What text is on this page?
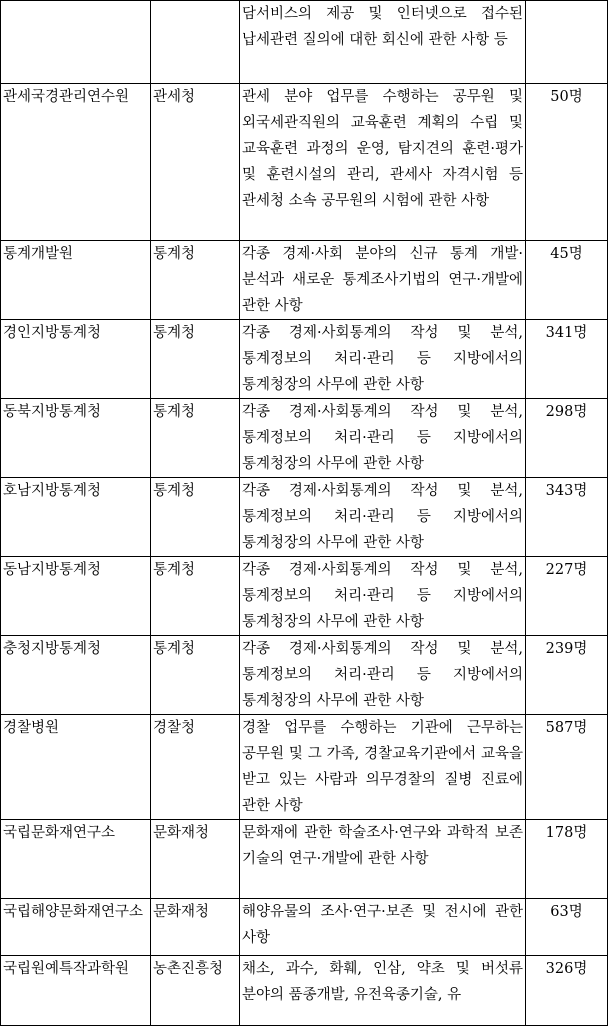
		담서비스의 제공 및 인터넷으로 접수된 납세관련 질의에 대한 회신에 관한 사항 등	
관세국경관리연수원	관세청	관세 분야 업무를 수행하는 공무원 및 외국세관직원의 교육훈련 계획의 수립 및 교육훈련 과정의 운영, 탐지견의 훈련·평가 및 훈련시설의 관리, 관세사 자격시험 등 관세청 소속 공무원의 시험에 관한 사항	50명
통계개발원	통계청	각종 경제·사회 분야의 신규 통계 개발·분석과 새로운 통계조사기법의 연구·개발에 관한 사항	45명
경인지방통계청	통계청	각종 경제·사회통계의 작성 및 분석, 통계정보의 처리·관리 등 지방에서의 통계청장의 사무에 관한 사항	341명
동북지방통계청	통계청	각종 경제·사회통계의 작성 및 분석, 통계정보의 처리·관리 등 지방에서의 통계청장의 사무에 관한 사항	298명
호남지방통계청	통계청	각종 경제·사회통계의 작성 및 분석, 통계정보의 처리·관리 등 지방에서의 통계청장의 사무에 관한 사항	343명
동남지방통계청	통계청	각종 경제·사회통계의 작성 및 분석, 통계정보의 처리·관리 등 지방에서의 통계청장의 사무에 관한 사항	227명
충청지방통계청	통계청	각종 경제·사회통계의 작성 및 분석, 통계정보의 처리·관리 등 지방에서의 통계청장의 사무에 관한 사항	239명
경찰병원	경찰청	경찰 업무를 수행하는 기관에 근무하는 공무원 및 그 가족, 경찰교육기관에서 교육을 받고 있는 사람과 의무경찰의 질병 진료에 관한 사항	587명
국립문화재연구소	문화재청	문화재에 관한 학술조사·연구와 과학적 보존 기술의 연구·개발에 관한 사항	178명
국립해양문화재연구소	문화재청	해양유물의 조사·연구·보존 및 전시에 관한 사항	63명
국립원예특작과학원	농촌진흥청	채소, 과수, 화훼, 인삼, 약초 및 버섯류 분야의 품종개발, 유전육종기술, 유	326명
